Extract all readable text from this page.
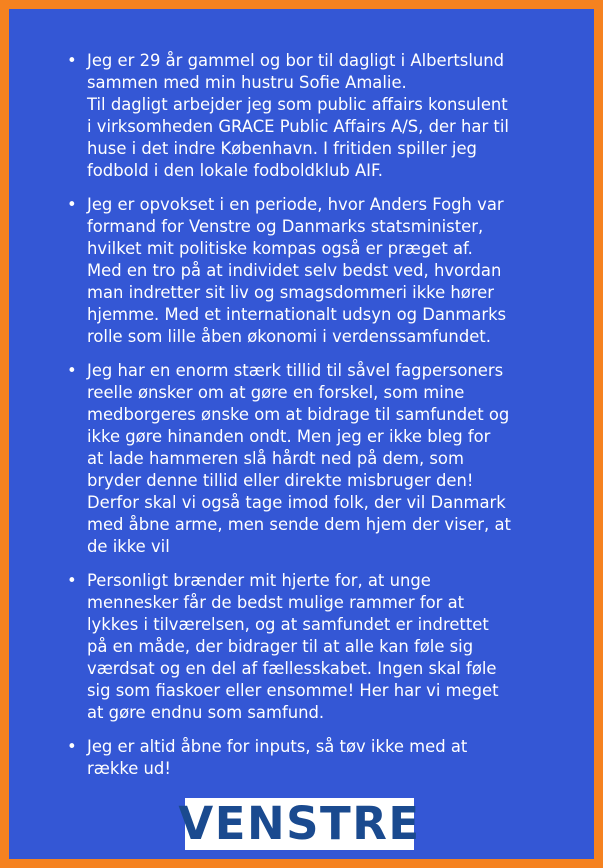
• Jeg er 29 år gammel og bor til dagligt i Albertslund
sammen med min hustru Sofie Amalie.
Til dagligt arbejder jeg som public affairs konsulent
i virksomheden GRACE Public Affairs A/S, der har til
huse i det indre København. I fritiden spiller jeg
fodbold i den lokale fodboldklub AIF.
• Jeg er opvokset i en periode, hvor Anders Fogh var
formand for Venstre og Danmarks statsminister,
hvilket mit politiske kompas også er præget af.
Med en tro på at individet selv bedst ved, hvordan
man indretter sit liv og smagsdommeri ikke hører
hjemme. Med et internationalt udsyn og Danmarks
rolle som lille åben økonomi i verdenssamfundet.
• Jeg har en enorm stærk tillid til såvel fagpersoners
reelle ønsker om at gøre en forskel, som mine
medborgeres ønske om at bidrage til samfundet og
ikke gøre hinanden ondt. Men jeg er ikke bleg for
at lade hammeren slå hårdt ned på dem, som
bryder denne tillid eller direkte misbruger den!
Derfor skal vi også tage imod folk, der vil Danmark
med åbne arme, men sende dem hjem der viser, at
de ikke vil
• Personligt brænder mit hjerte for, at unge
mennesker får de bedst mulige rammer for at
lykkes i tilværelsen, og at samfundet er indrettet
på en måde, der bidrager til at alle kan føle sig
værdsat og en del af fællesskabet. Ingen skal føle
sig som fiaskoer eller ensomme! Her har vi meget
at gøre endnu som samfund.
• Jeg er altid åbne for inputs, så tøv ikke med at
række ud!
VENSTRE
